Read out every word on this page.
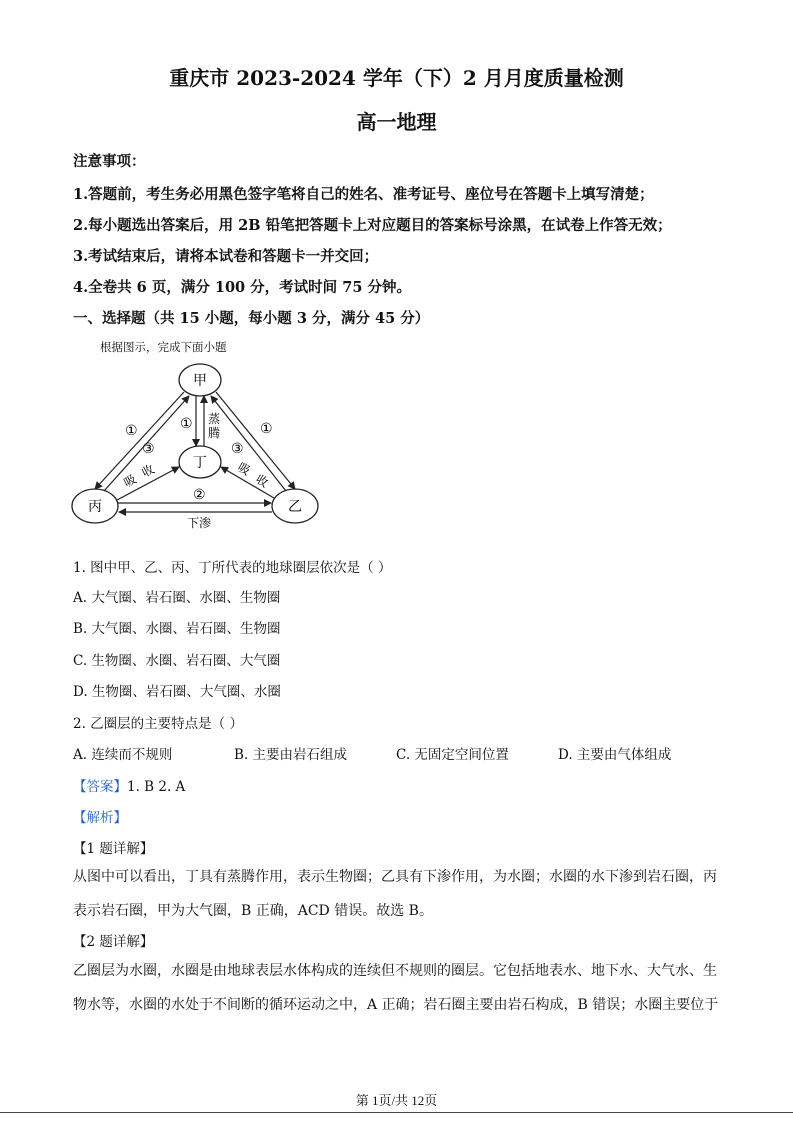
重庆市 2023-2024 学年（下）2 月月度质量检测
高一地理
注意事项：
1.答题前，考生务必用黑色签字笔将自己的姓名、准考证号、座位号在答题卡上填写清楚；
2.每小题选出答案后，用 2B 铅笔把答题卡上对应题目的答案标号涂黑，在试卷上作答无效；
3.考试结束后，请将本试卷和答题卡一并交回；
4.全卷共 6 页，满分 100 分，考试时间 75 分钟。
一、选择题（共 15 小题，每小题 3 分，满分 45 分）
根据图示，完成下面小题
甲
丁
丙	乙
①
③
① 蒸
腾
③
①
吸
收	吸
收
②
下渗
1. 图中甲、乙、丙、丁所代表的地球圈层依次是（ ）
A. 大气圈、岩石圈、水圈、生物圈
B. 大气圈、水圈、岩石圈、生物圈
C. 生物圈、水圈、岩石圈、大气圈
D. 生物圈、岩石圈、大气圈、水圈
2. 乙圈层的主要特点是（ ）
A. 连续而不规则	B. 主要由岩石组成	C. 无固定空间位置	D. 主要由气体组成
【答案】1. B 2. A
【解析】
【1 题详解】
从图中可以看出，丁具有蒸腾作用，表示生物圈；乙具有下渗作用，为水圈；水圈的水下渗到岩石圈，丙表示岩石圈，甲为大气圈，B 正确，ACD 错误。故选 B。
【2 题详解】
乙圈层为水圈，水圈是由地球表层水体构成的连续但不规则的圈层。它包括地表水、地下水、大气水、生物水等，水圈的水处于不间断的循环运动之中，A 正确；岩石圈主要由岩石构成，B 错误；水圈主要位于
第 1页/共 12页
